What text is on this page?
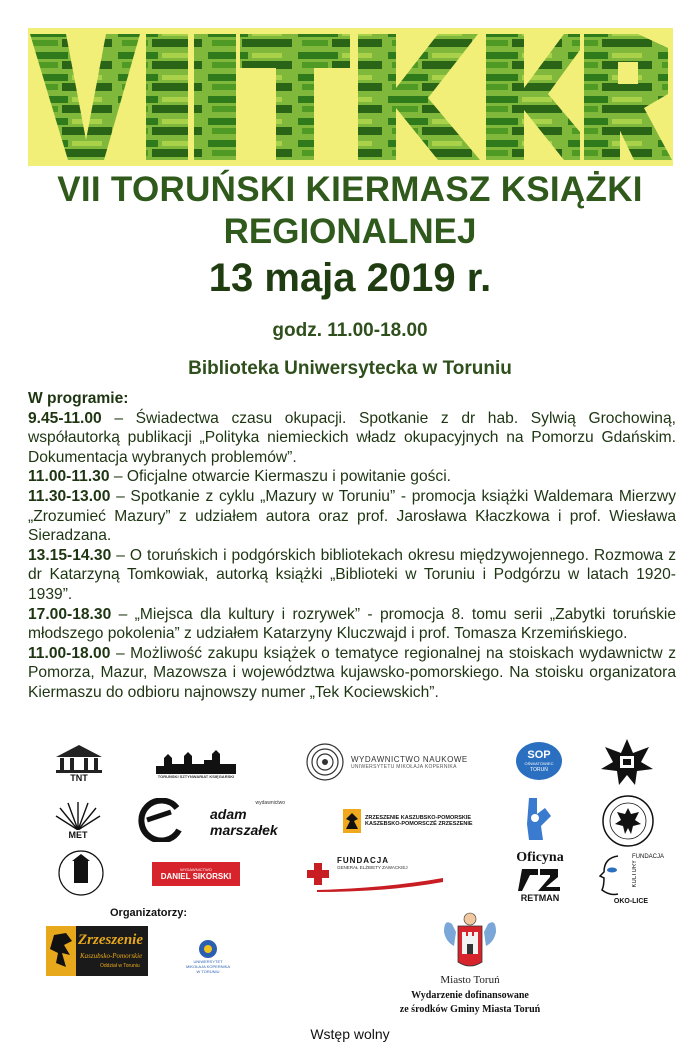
VII TORUŃSKI KIERMASZ KSIĄŻKI
REGIONALNEJ
13 maja 2019 r.
godz. 11.00-18.00
Biblioteka Uniwersytecka w Toruniu

W programie:

9.45-11.00 – Świadectwa czasu okupacji. Spotkanie z dr hab. Sylwią Grochowiną, współautorką publikacji „Polityka niemieckich władz okupacyjnych na Pomorzu Gdańskim. Dokumentacja wybranych problemów”.

11.00-11.30 – Oficjalne otwarcie Kiermaszu i powitanie gości.

11.30-13.00 – Spotkanie z cyklu „Mazury w Toruniu” - promocja książki Waldemara Mierzwy „Zrozumieć Mazury” z udziałem autora oraz prof. Jarosława Kłaczkowa i prof. Wiesława Sieradzana.

13.15-14.30 – O toruńskich i podgórskich bibliotekach okresu międzywojennego. Rozmowa z dr Katarzyną Tomkowiak, autorką książki „Biblioteki w Toruniu i Podgórzu w latach 1920-1939”.

17.00-18.30 – „Miejsca dla kultury i rozrywek” - promocja 8. tomu serii „Zabytki toruńskie młodszego pokolenia” z udziałem Katarzyny Kluczwajd i prof. Tomasza Krzemińskiego.

11.00-18.00 – Możliwość zakupu książek o tematyce regionalnej na stoiskach wydawnictw z Pomorza, Mazur, Mazowsza i województwa kujawsko-pomorskiego. Na stoisku organizatora Kiermaszu do odbioru najnowszy numer „Tek Kociewskich”.

TNT	TORUŃSKI SZTYNWARIAT KSIĘGARSKI
WYDAWNICTWO NAUKOWE
UNIWERSYTETU MIKOŁAJA KOPERNIKA
SOP
OŚWIATOWIEC
TORUŃ
MET
wydawnictwo
adam marszałek
ZRZESZENIE KASZUBSKO-POMORSKIE
KASZEBSKO-POMORSCZÉ ZRZESZENIE
WYDAWNICTWO
DANIEL SIKORSKI
FUNDACJA
GENERAŁ ELŻBIETY ZAWACKIEJ
Oficyna
RETMAN
FUNDACJA
KULTURY
OKO-LICE
Organizatorzy:
Zrzeszenie
Kaszubsko-Pomorskie
Oddział w Toruniu
UNIWERSYTET
MIKOŁAJA KOPERNIKA
W TORUNIU
Miasto Toruń
Wydarzenie dofinansowane
ze środków Gminy Miasta Toruń
Wstęp wolny
